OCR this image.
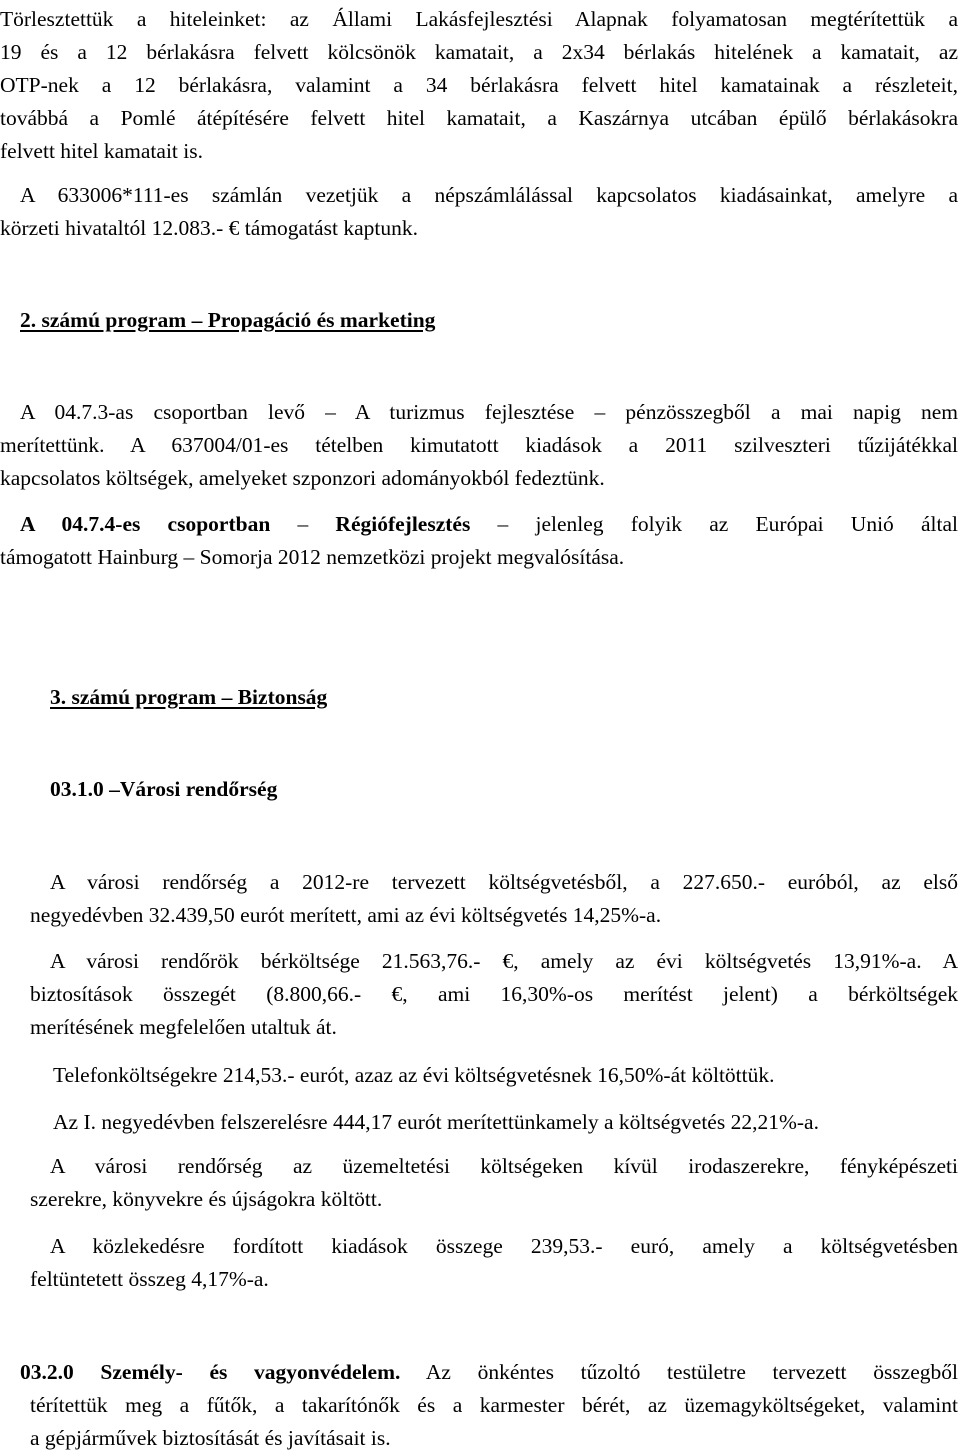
Törlesztettük a hiteleinket: az Állami Lakásfejlesztési Alapnak folyamatosan megtérítettük a
19 és a 12 bérlakásra felvett kölcsönök kamatait, a 2x34 bérlakás hitelének a kamatait, az
OTP-nek a 12 bérlakásra, valamint a 34 bérlakásra felvett hitel kamatainak a részleteit,
továbbá a Pomlé átépítésére felvett hitel kamatait, a Kaszárnya utcában épülő bérlakásokra
felvett hitel kamatait is.
A 633006*111-es számlán vezetjük a népszámlálással kapcsolatos kiadásainkat, amelyre a
körzeti hivataltól 12.083.- € támogatást kaptunk.
2. számú program – Propagáció és marketing
A 04.7.3-as csoportban levő – A turizmus fejlesztése – pénzösszegből a mai napig nem
merítettünk. A 637004/01-es tételben kimutatott kiadások a 2011 szilveszteri tűzijátékkal
kapcsolatos költségek, amelyeket szponzori adományokból fedeztünk.
A 04.7.4-es csoportban – Régiófejlesztés – jelenleg folyik az Európai Unió által
támogatott Hainburg – Somorja 2012 nemzetközi projekt megvalósítása.
3. számú program – Biztonság
03.1.0 –Városi rendőrség
A városi rendőrség a 2012-re tervezett költségvetésből, a 227.650.- euróból, az első
negyedévben 32.439,50 eurót merített, ami az évi költségvetés 14,25%-a.
A városi rendőrök bérköltsége 21.563,76.- €, amely az évi költségvetés 13,91%-a. A
biztosítások összegét (8.800,66.- €, ami 16,30%-os merítést jelent) a bérköltségek
merítésének megfelelően utaltuk át.
Telefonköltségekre 214,53.- eurót, azaz az évi költségvetésnek 16,50%-át költöttük.
Az I. negyedévben felszerelésre 444,17 eurót merítettünkamely a költségvetés 22,21%-a.
A városi rendőrség az üzemeltetési költségeken kívül irodaszerekre, fényképészeti
szerekre, könyvekre és újságokra költött.
A közlekedésre fordított kiadások összege 239,53.- euró, amely a költségvetésben
feltüntetett összeg 4,17%-a.
03.2.0 Személy- és vagyonvédelem. Az önkéntes tűzoltó testületre tervezett összegből
térítettük meg a fűtők, a takarítónők és a karmester bérét, az üzemagyköltségeket, valamint
a gépjárművek biztosítását és javításait is.
